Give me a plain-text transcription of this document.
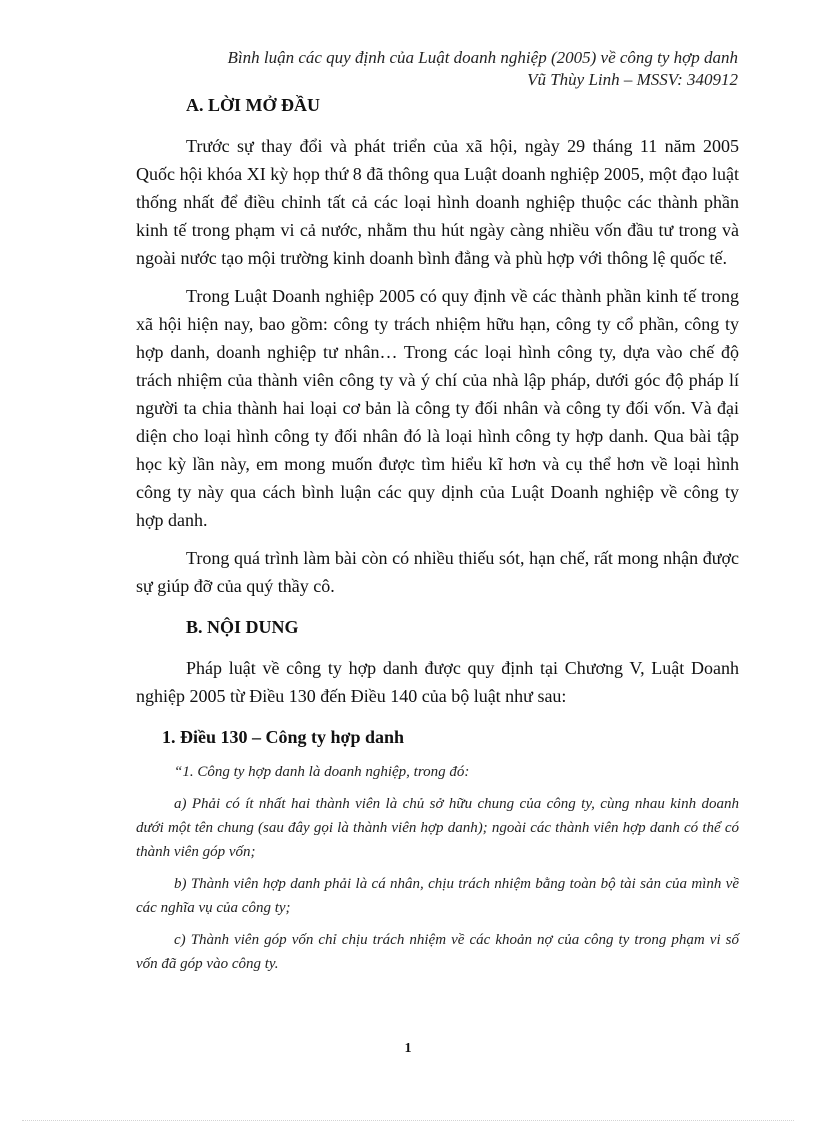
Bình luận các quy định của Luật doanh nghiệp (2005) về công ty hợp danh
Vũ Thùy Linh – MSSV: 340912
A. LỜI MỞ ĐẦU

Trước sự thay đổi và phát triển của xã hội, ngày 29 tháng 11 năm 2005 Quốc hội khóa XI kỳ họp thứ 8 đã thông qua Luật doanh nghiệp 2005, một đạo luật thống nhất để điều chỉnh tất cả các loại hình doanh nghiệp thuộc các thành phần kinh tế trong phạm vi cả nước, nhằm thu hút ngày càng nhiều vốn đầu tư trong và ngoài nước tạo mội trường kinh doanh bình đẳng và phù hợp với thông lệ quốc tế.

Trong Luật Doanh nghiệp 2005 có quy định về các thành phần kinh tế trong xã hội hiện nay, bao gồm: công ty trách nhiệm hữu hạn, công ty cổ phần, công ty hợp danh, doanh nghiệp tư nhân… Trong các loại hình công ty, dựa vào chế độ trách nhiệm của thành viên công ty và ý chí của nhà lập pháp, dưới góc độ pháp lí người ta chia thành hai loại cơ bản là công ty đối nhân và công ty đối vốn. Và đại diện cho loại hình công ty đối nhân đó là loại hình công ty hợp danh. Qua bài tập học kỳ lần này, em mong muốn được tìm hiểu kĩ hơn và cụ thể hơn về loại hình công ty này qua cách bình luận các quy dịnh của Luật Doanh nghiệp về công ty hợp danh.

Trong quá trình làm bài còn có nhiều thiếu sót, hạn chế, rất mong nhận được sự giúp đỡ của quý thầy cô.

B. NỘI DUNG

Pháp luật về công ty hợp danh được quy định tại Chương V, Luật Doanh nghiệp 2005 từ Điều 130 đến Điều 140 của bộ luật như sau:

1. Điều 130 – Công ty hợp danh

“1. Công ty hợp danh là doanh nghiệp, trong đó:

a) Phải có ít nhất hai thành viên là chủ sở hữu chung của công ty, cùng nhau kinh doanh dưới một tên chung (sau đây gọi là thành viên hợp danh); ngoài các thành viên hợp danh có thể có thành viên góp vốn;

b) Thành viên hợp danh phải là cá nhân, chịu trách nhiệm bằng toàn bộ tài sản của mình về các nghĩa vụ của công ty;

c) Thành viên góp vốn chỉ chịu trách nhiệm về các khoản nợ của công ty trong phạm vi số vốn đã góp vào công ty.

1
